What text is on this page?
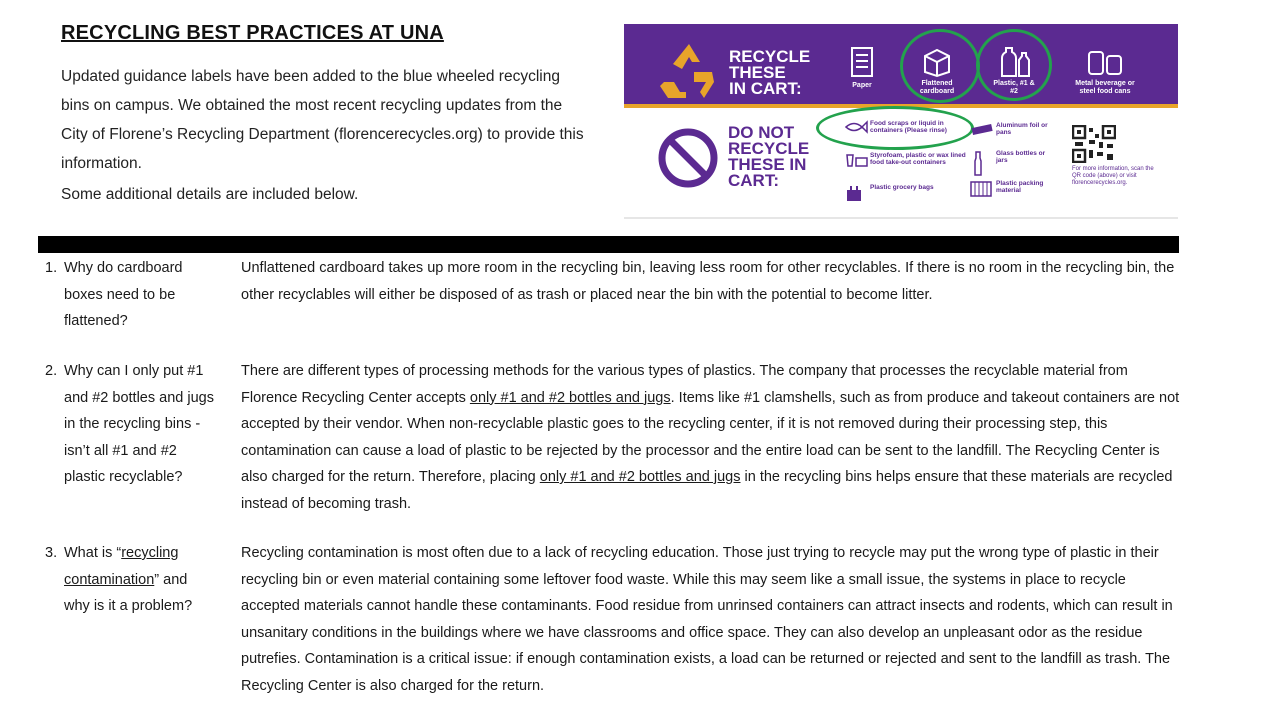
RECYCLING BEST PRACTICES AT UNA
Updated guidance labels have been added to the blue wheeled recycling bins on campus. We obtained the most recent recycling updates from the City of Florene’s Recycling Department (florencerecycles.org) to provide this information.
Some additional details are included below.
RECYCLE
THESE
IN CART:	Paper	Flattened cardboard
Plastic, #1 & #2
Metal beverage or steel food cans
DO NOT
RECYCLE
THESE IN
CART:
Food scraps or liquid in containers (Please rinse)
Aluminum foil or pans
Styrofoam, plastic or wax lined food take-out containers
Glass bottles or jars
Plastic grocery bags
Plastic packing material
For more information, scan the QR code (above) or visit florencerecycles.org.
1. Why do cardboard
boxes need to be
flattened?
Unflattened cardboard takes up more room in the recycling bin, leaving less room for other recyclables. If there is no room in the recycling bin, the other recyclables will either be disposed of as trash or placed near the bin with the potential to become litter.
2. Why can I only put #1
and #2 bottles and jugs
in the recycling bins -
isn’t all #1 and #2
plastic recyclable?
There are different types of processing methods for the various types of plastics. The company that processes the recyclable material from Florence Recycling Center accepts only #1 and #2 bottles and jugs. Items like #1 clamshells, such as from produce and takeout containers are not accepted by their vendor. When non-recyclable plastic goes to the recycling center, if it is not removed during their processing step, this contamination can cause a load of plastic to be rejected by the processor and the entire load can be sent to the landfill. The Recycling Center is also charged for the return. Therefore, placing only #1 and #2 bottles and jugs in the recycling bins helps ensure that these materials are recycled instead of becoming trash.
3. What is “recycling contamination” and why is it a problem?
Recycling contamination is most often due to a lack of recycling education. Those just trying to recycle may put the wrong type of plastic in their recycling bin or even material containing some leftover food waste. While this may seem like a small issue, the systems in place to recycle accepted materials cannot handle these contaminants. Food residue from unrinsed containers can attract insects and rodents, which can result in unsanitary conditions in the buildings where we have classrooms and office space. They can also develop an unpleasant odor as the residue putrefies. Contamination is a critical issue: if enough contamination exists, a load can be returned or rejected and sent to the landfill as trash. The Recycling Center is also charged for the return.
